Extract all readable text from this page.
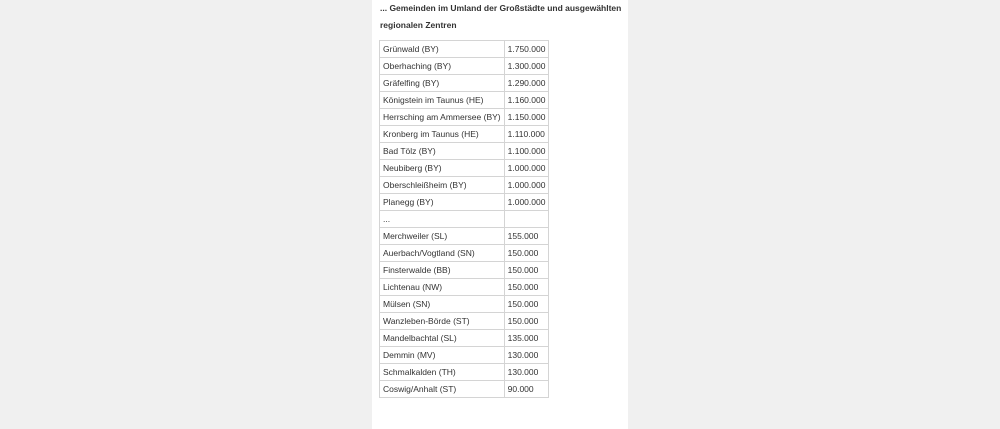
... Gemeinden im Umland der Großstädte und ausgewählten regionalen Zentren
Grünwald (BY)	1.750.000
Oberhaching (BY)	1.300.000
Gräfelfing (BY)	1.290.000
Königstein im Taunus (HE)	1.160.000
Herrsching am Ammersee (BY)	1.150.000
Kronberg im Taunus (HE)	1.110.000
Bad Tölz (BY)	1.100.000
Neubiberg (BY)	1.000.000
Oberschleißheim (BY)	1.000.000
Planegg (BY)	1.000.000
...	
Merchweiler (SL)	155.000
Auerbach/Vogtland (SN)	150.000
Finsterwalde (BB)	150.000
Lichtenau (NW)	150.000
Mülsen (SN)	150.000
Wanzleben-Börde (ST)	150.000
Mandelbachtal (SL)	135.000
Demmin (MV)	130.000
Schmalkalden (TH)	130.000
Coswig/Anhalt (ST)	90.000
